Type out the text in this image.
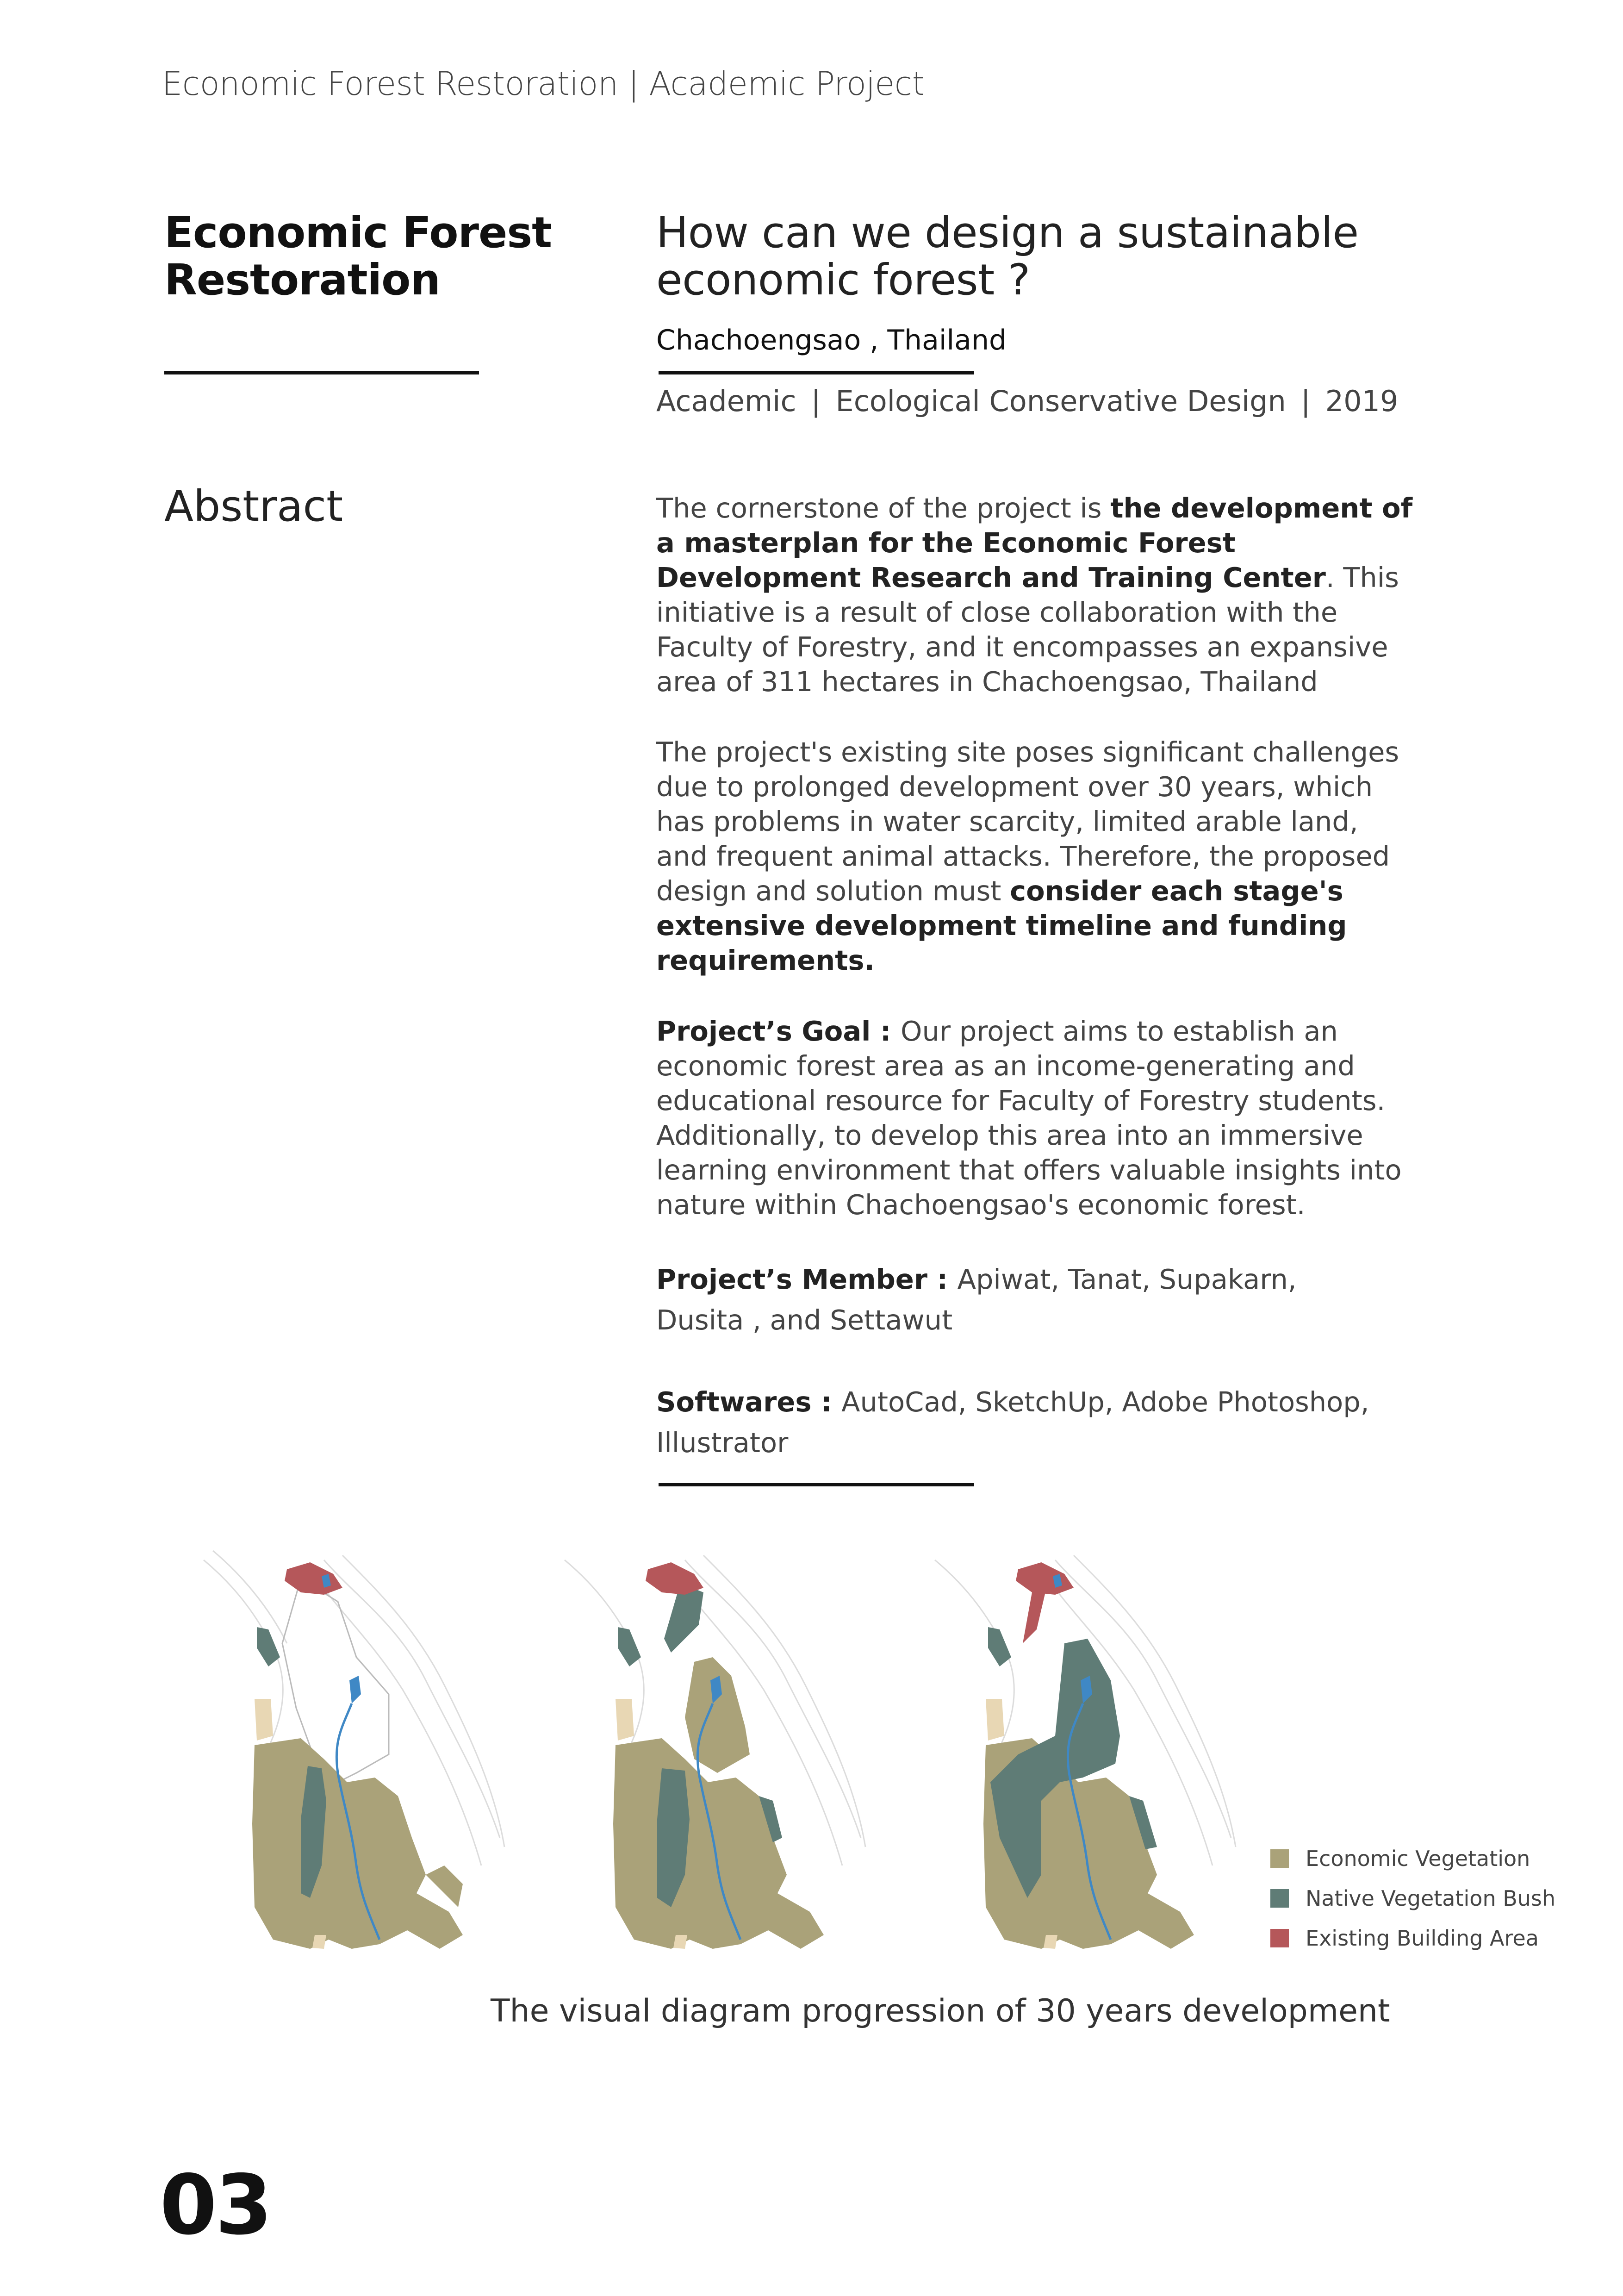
Economic Forest Restoration | Academic Project
Economic Forest
Restoration
How can we design a sustainable
economic forest ?
Chachoengsao , Thailand
Academic | Ecological Conservative Design | 2019
Abstract	The cornerstone of the project is the development of a masterplan for the Economic Forest Development Research and Training Center. This initiative is a result of close collaboration with the Faculty of Forestry, and it encompasses an expansive area of 311 hectares in Chachoengsao, Thailand
The project's existing site poses significant challenges due to prolonged development over 30 years, which has problems in water scarcity, limited arable land, and frequent animal attacks. Therefore, the proposed design and solution must consider each stage's extensive development timeline and funding requirements.
Project’s Goal : Our project aims to establish an economic forest area as an income-generating and educational resource for Faculty of Forestry students. Additionally, to develop this area into an immersive learning environment that offers valuable insights into nature within Chachoengsao's economic forest.
Project’s Member : Apiwat, Tanat, Supakarn, Dusita , and Settawut
Softwares : AutoCad, SketchUp, Adobe Photoshop, Illustrator
Economic Vegetation
Native Vegetation Bush
Existing Building Area
The visual diagram progression of 30 years development
03
